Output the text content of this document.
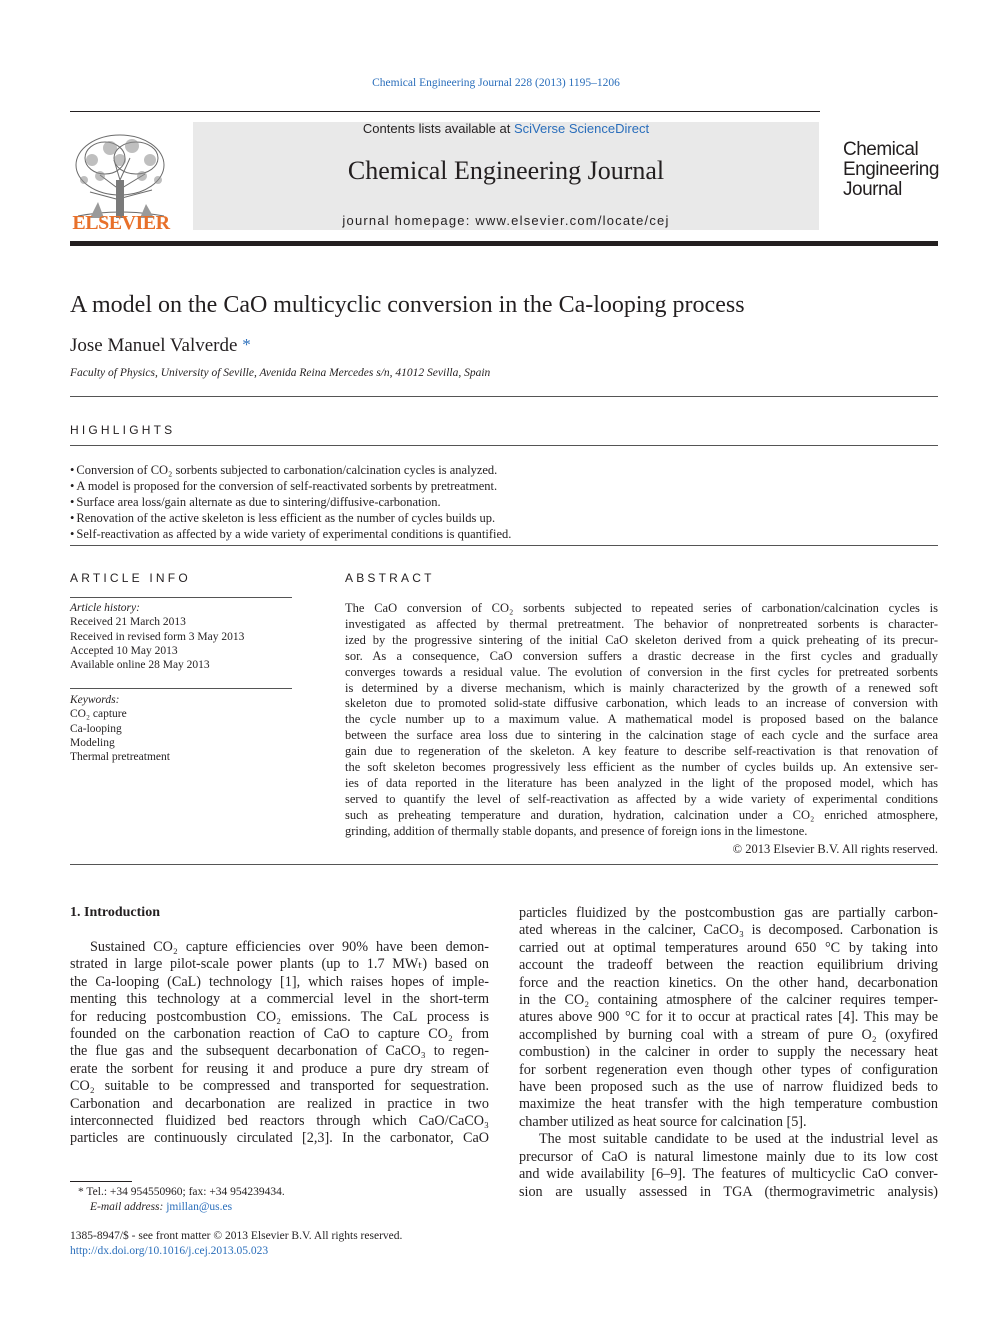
Chemical Engineering Journal 228 (2013) 1195–1206
ELSEVIER
Contents lists available at SciVerse ScienceDirect
Chemical Engineering Journal
journal homepage: www.elsevier.com/locate/cej
Chemical
Engineering
Journal
A model on the CaO multicyclic conversion in the Ca-looping process
Jose Manuel Valverde *
Faculty of Physics, University of Seville, Avenida Reina Mercedes s/n, 41012 Sevilla, Spain
HIGHLIGHTS
• Conversion of CO₂ sorbents subjected to carbonation/calcination cycles is analyzed.
• A model is proposed for the conversion of self-reactivated sorbents by pretreatment.
• Surface area loss/gain alternate as due to sintering/diffusive-carbonation.
• Renovation of the active skeleton is less efficient as the number of cycles builds up.
• Self-reactivation as affected by a wide variety of experimental conditions is quantified.
ARTICLE INFO
Article history:
Received 21 March 2013
Received in revised form 3 May 2013
Accepted 10 May 2013
Available online 28 May 2013
Keywords:
CO₂ capture
Ca-looping
Modeling
Thermal pretreatment
ABSTRACT
The CaO conversion of CO₂ sorbents subjected to repeated series of carbonation/calcination cycles is
investigated as affected by thermal pretreatment. The behavior of nonpretreated sorbents is character-
ized by the progressive sintering of the initial CaO skeleton derived from a quick preheating of its precur-
sor. As a consequence, CaO conversion suffers a drastic decrease in the first cycles and gradually
converges towards a residual value. The evolution of conversion in the first cycles for pretreated sorbents
is determined by a diverse mechanism, which is mainly characterized by the growth of a renewed soft
skeleton due to promoted solid-state diffusive carbonation, which leads to an increase of conversion with
the cycle number up to a maximum value. A mathematical model is proposed based on the balance
between the surface area loss due to sintering in the calcination stage of each cycle and the surface area
gain due to regeneration of the skeleton. A key feature to describe self-reactivation is that renovation of
the soft skeleton becomes progressively less efficient as the number of cycles builds up. An extensive ser-
ies of data reported in the literature has been analyzed in the light of the proposed model, which has
served to quantify the level of self-reactivation as affected by a wide variety of experimental conditions
such as preheating temperature and duration, hydration, calcination under a CO₂ enriched atmosphere,
grinding, addition of thermally stable dopants, and presence of foreign ions in the limestone.
© 2013 Elsevier B.V. All rights reserved.
1. Introduction
Sustained CO₂ capture efficiencies over 90% have been demon-
strated in large pilot-scale power plants (up to 1.7 MWₜ) based on
the Ca-looping (CaL) technology [1], which raises hopes of imple-
menting this technology at a commercial level in the short-term
for reducing postcombustion CO₂ emissions. The CaL process is
founded on the carbonation reaction of CaO to capture CO₂ from
the flue gas and the subsequent decarbonation of CaCO₃ to regen-
erate the sorbent for reusing it and produce a pure dry stream of
CO₂ suitable to be compressed and transported for sequestration.
Carbonation and decarbonation are realized in practice in two
interconnected fluidized bed reactors through which CaO/CaCO₃
particles are continuously circulated [2,3]. In the carbonator, CaO
particles fluidized by the postcombustion gas are partially carbon-
ated whereas in the calciner, CaCO₃ is decomposed. Carbonation is
carried out at optimal temperatures around 650 °C by taking into
account the tradeoff between the reaction equilibrium driving
force and the reaction kinetics. On the other hand, decarbonation
in the CO₂ containing atmosphere of the calciner requires temper-
atures above 900 °C for it to occur at practical rates [4]. This may be
accomplished by burning coal with a stream of pure O₂ (oxyfired
combustion) in the calciner in order to supply the necessary heat
for sorbent regeneration even though other types of configuration
have been proposed such as the use of narrow fluidized beds to
maximize the heat transfer with the high temperature combustion
chamber utilized as heat source for calcination [5].
The most suitable candidate to be used at the industrial level as
precursor of CaO is natural limestone mainly due to its low cost
and wide availability [6–9]. The features of multicyclic CaO conver-
sion are usually assessed in TGA (thermogravimetric analysis)
* Tel.: +34 954550960; fax: +34 954239434.
E-mail address: jmillan@us.es
1385-8947/$ - see front matter © 2013 Elsevier B.V. All rights reserved.
http://dx.doi.org/10.1016/j.cej.2013.05.023
